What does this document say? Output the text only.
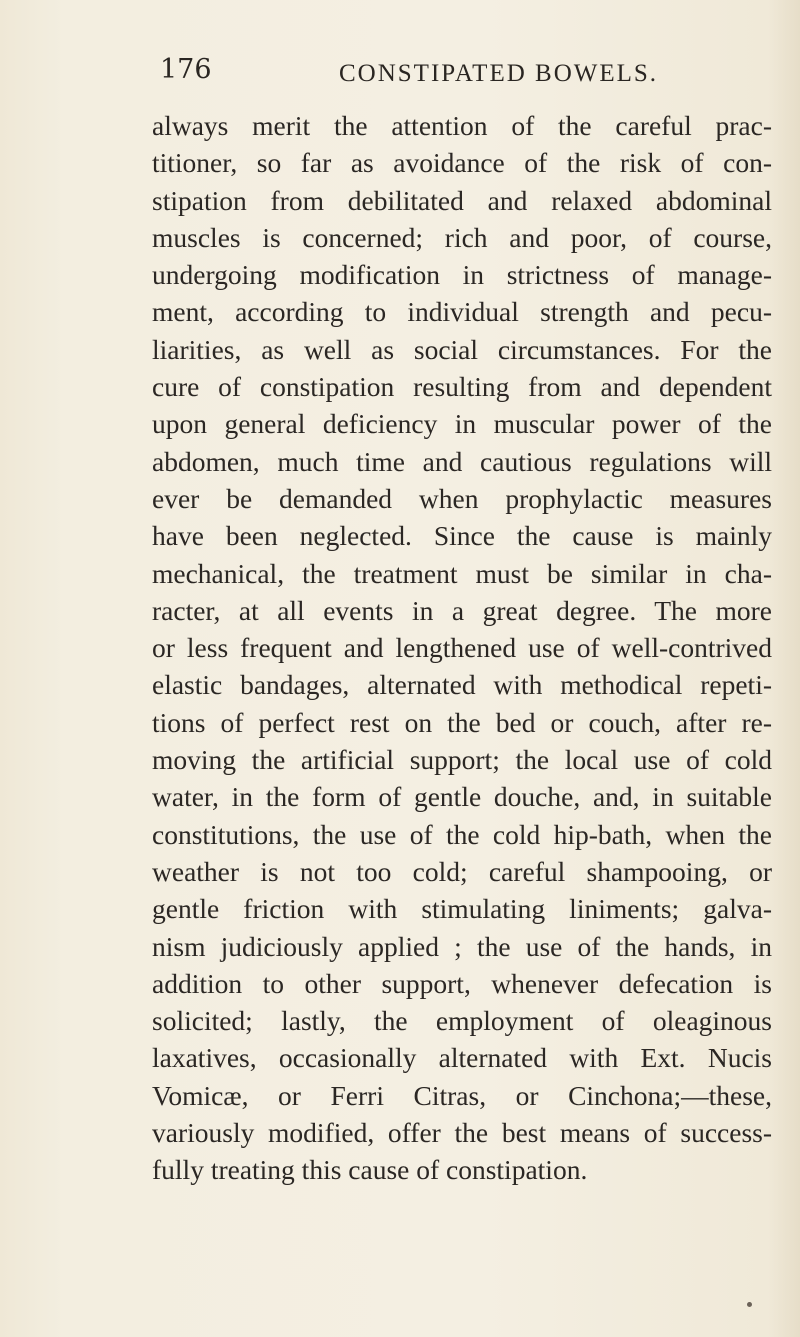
176	CONSTIPATED BOWELS.
always merit the attention of the careful prac-
titioner, so far as avoidance of the risk of con-
stipation from debilitated and relaxed abdominal
muscles is concerned; rich and poor, of course,
undergoing modification in strictness of manage-
ment, according to individual strength and pecu-
liarities, as well as social circumstances. For the
cure of constipation resulting from and dependent
upon general deficiency in muscular power of the
abdomen, much time and cautious regulations will
ever be demanded when prophylactic measures
have been neglected. Since the cause is mainly
mechanical, the treatment must be similar in cha-
racter, at all events in a great degree. The more
or less frequent and lengthened use of well-contrived
elastic bandages, alternated with methodical repeti-
tions of perfect rest on the bed or couch, after re-
moving the artificial support; the local use of cold
water, in the form of gentle douche, and, in suitable
constitutions, the use of the cold hip-bath, when the
weather is not too cold; careful shampooing, or
gentle friction with stimulating liniments; galva-
nism judiciously applied ; the use of the hands, in
addition to other support, whenever defecation is
solicited; lastly, the employment of oleaginous
laxatives, occasionally alternated with Ext. Nucis
Vomicæ, or Ferri Citras, or Cinchona;—these,
variously modified, offer the best means of success-
fully treating this cause of constipation.
